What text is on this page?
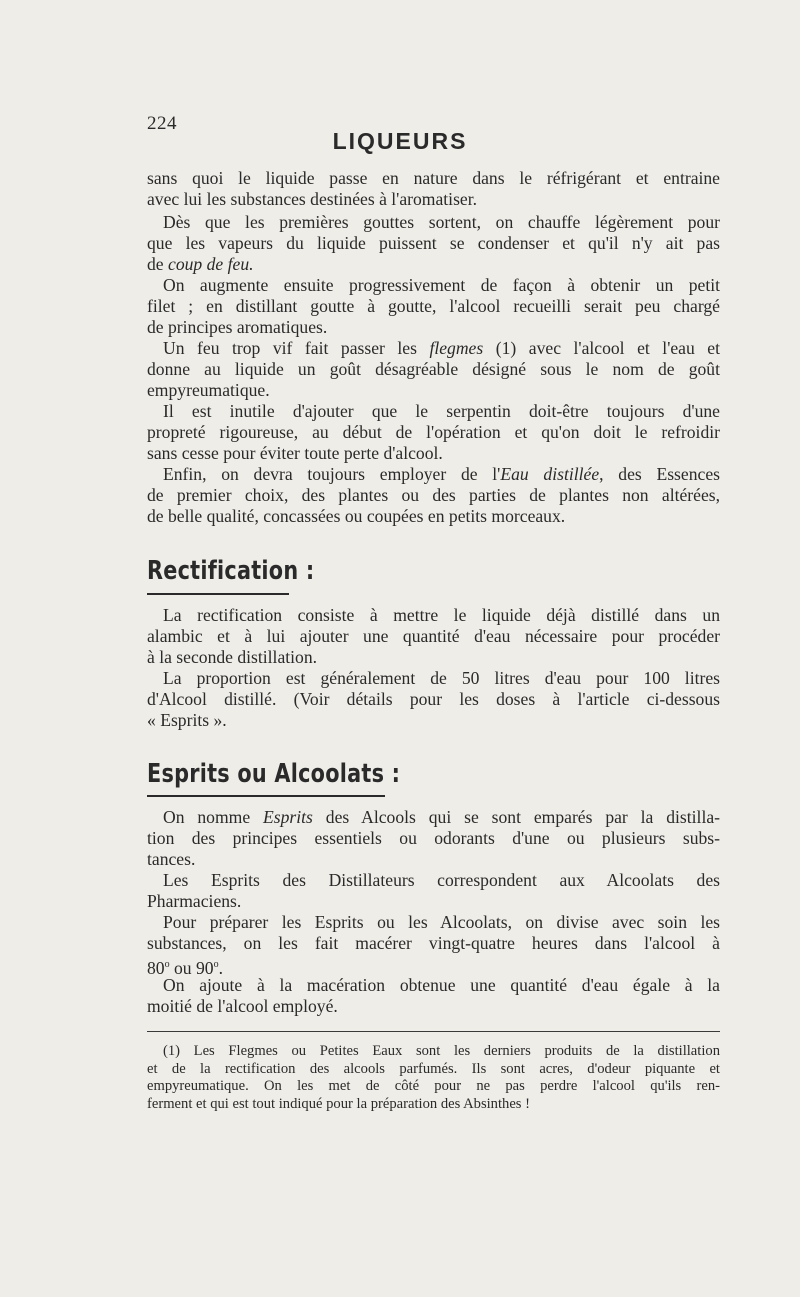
224
LIQUEURS
sans quoi le liquide passe en nature dans le réfrigérant et entraine
avec lui les substances destinées à l'aromatiser.
Dès que les premières gouttes sortent, on chauffe légèrement pour
que les vapeurs du liquide puissent se condenser et qu'il n'y ait pas
de coup de feu.
On augmente ensuite progressivement de façon à obtenir un petit
filet ; en distillant goutte à goutte, l'alcool recueilli serait peu chargé
de principes aromatiques.
Un feu trop vif fait passer les flegmes (1) avec l'alcool et l'eau et
donne au liquide un goût désagréable désigné sous le nom de goût
empyreumatique.
Il est inutile d'ajouter que le serpentin doit-être toujours d'une
propreté rigoureuse, au début de l'opération et qu'on doit le refroidir
sans cesse pour éviter toute perte d'alcool.
Enfin, on devra toujours employer de l'Eau distillée, des Essences
de premier choix, des plantes ou des parties de plantes non altérées,
de belle qualité, concassées ou coupées en petits morceaux.
Rectification :
La rectification consiste à mettre le liquide déjà distillé dans un
alambic et à lui ajouter une quantité d'eau nécessaire pour procéder
à la seconde distillation.
La proportion est généralement de 50 litres d'eau pour 100 litres
d'Alcool distillé. (Voir détails pour les doses à l'article ci-dessous
« Esprits ».
Esprits ou Alcoolats :
On nomme Esprits des Alcools qui se sont emparés par la distilla-
tion des principes essentiels ou odorants d'une ou plusieurs subs-
tances.
Les Esprits des Distillateurs correspondent aux Alcoolats des
Pharmaciens.
Pour préparer les Esprits ou les Alcoolats, on divise avec soin les
substances, on les fait macérer vingt-quatre heures dans l'alcool à
80$^o$ ou 90$^o$.
On ajoute à la macération obtenue une quantité d'eau égale à la
moitié de l'alcool employé.
(1) Les Flegmes ou Petites Eaux sont les derniers produits de la distillation
et de la rectification des alcools parfumés. Ils sont acres, d'odeur piquante et
empyreumatique. On les met de côté pour ne pas perdre l'alcool qu'ils ren-
ferment et qui est tout indiqué pour la préparation des Absinthes !
